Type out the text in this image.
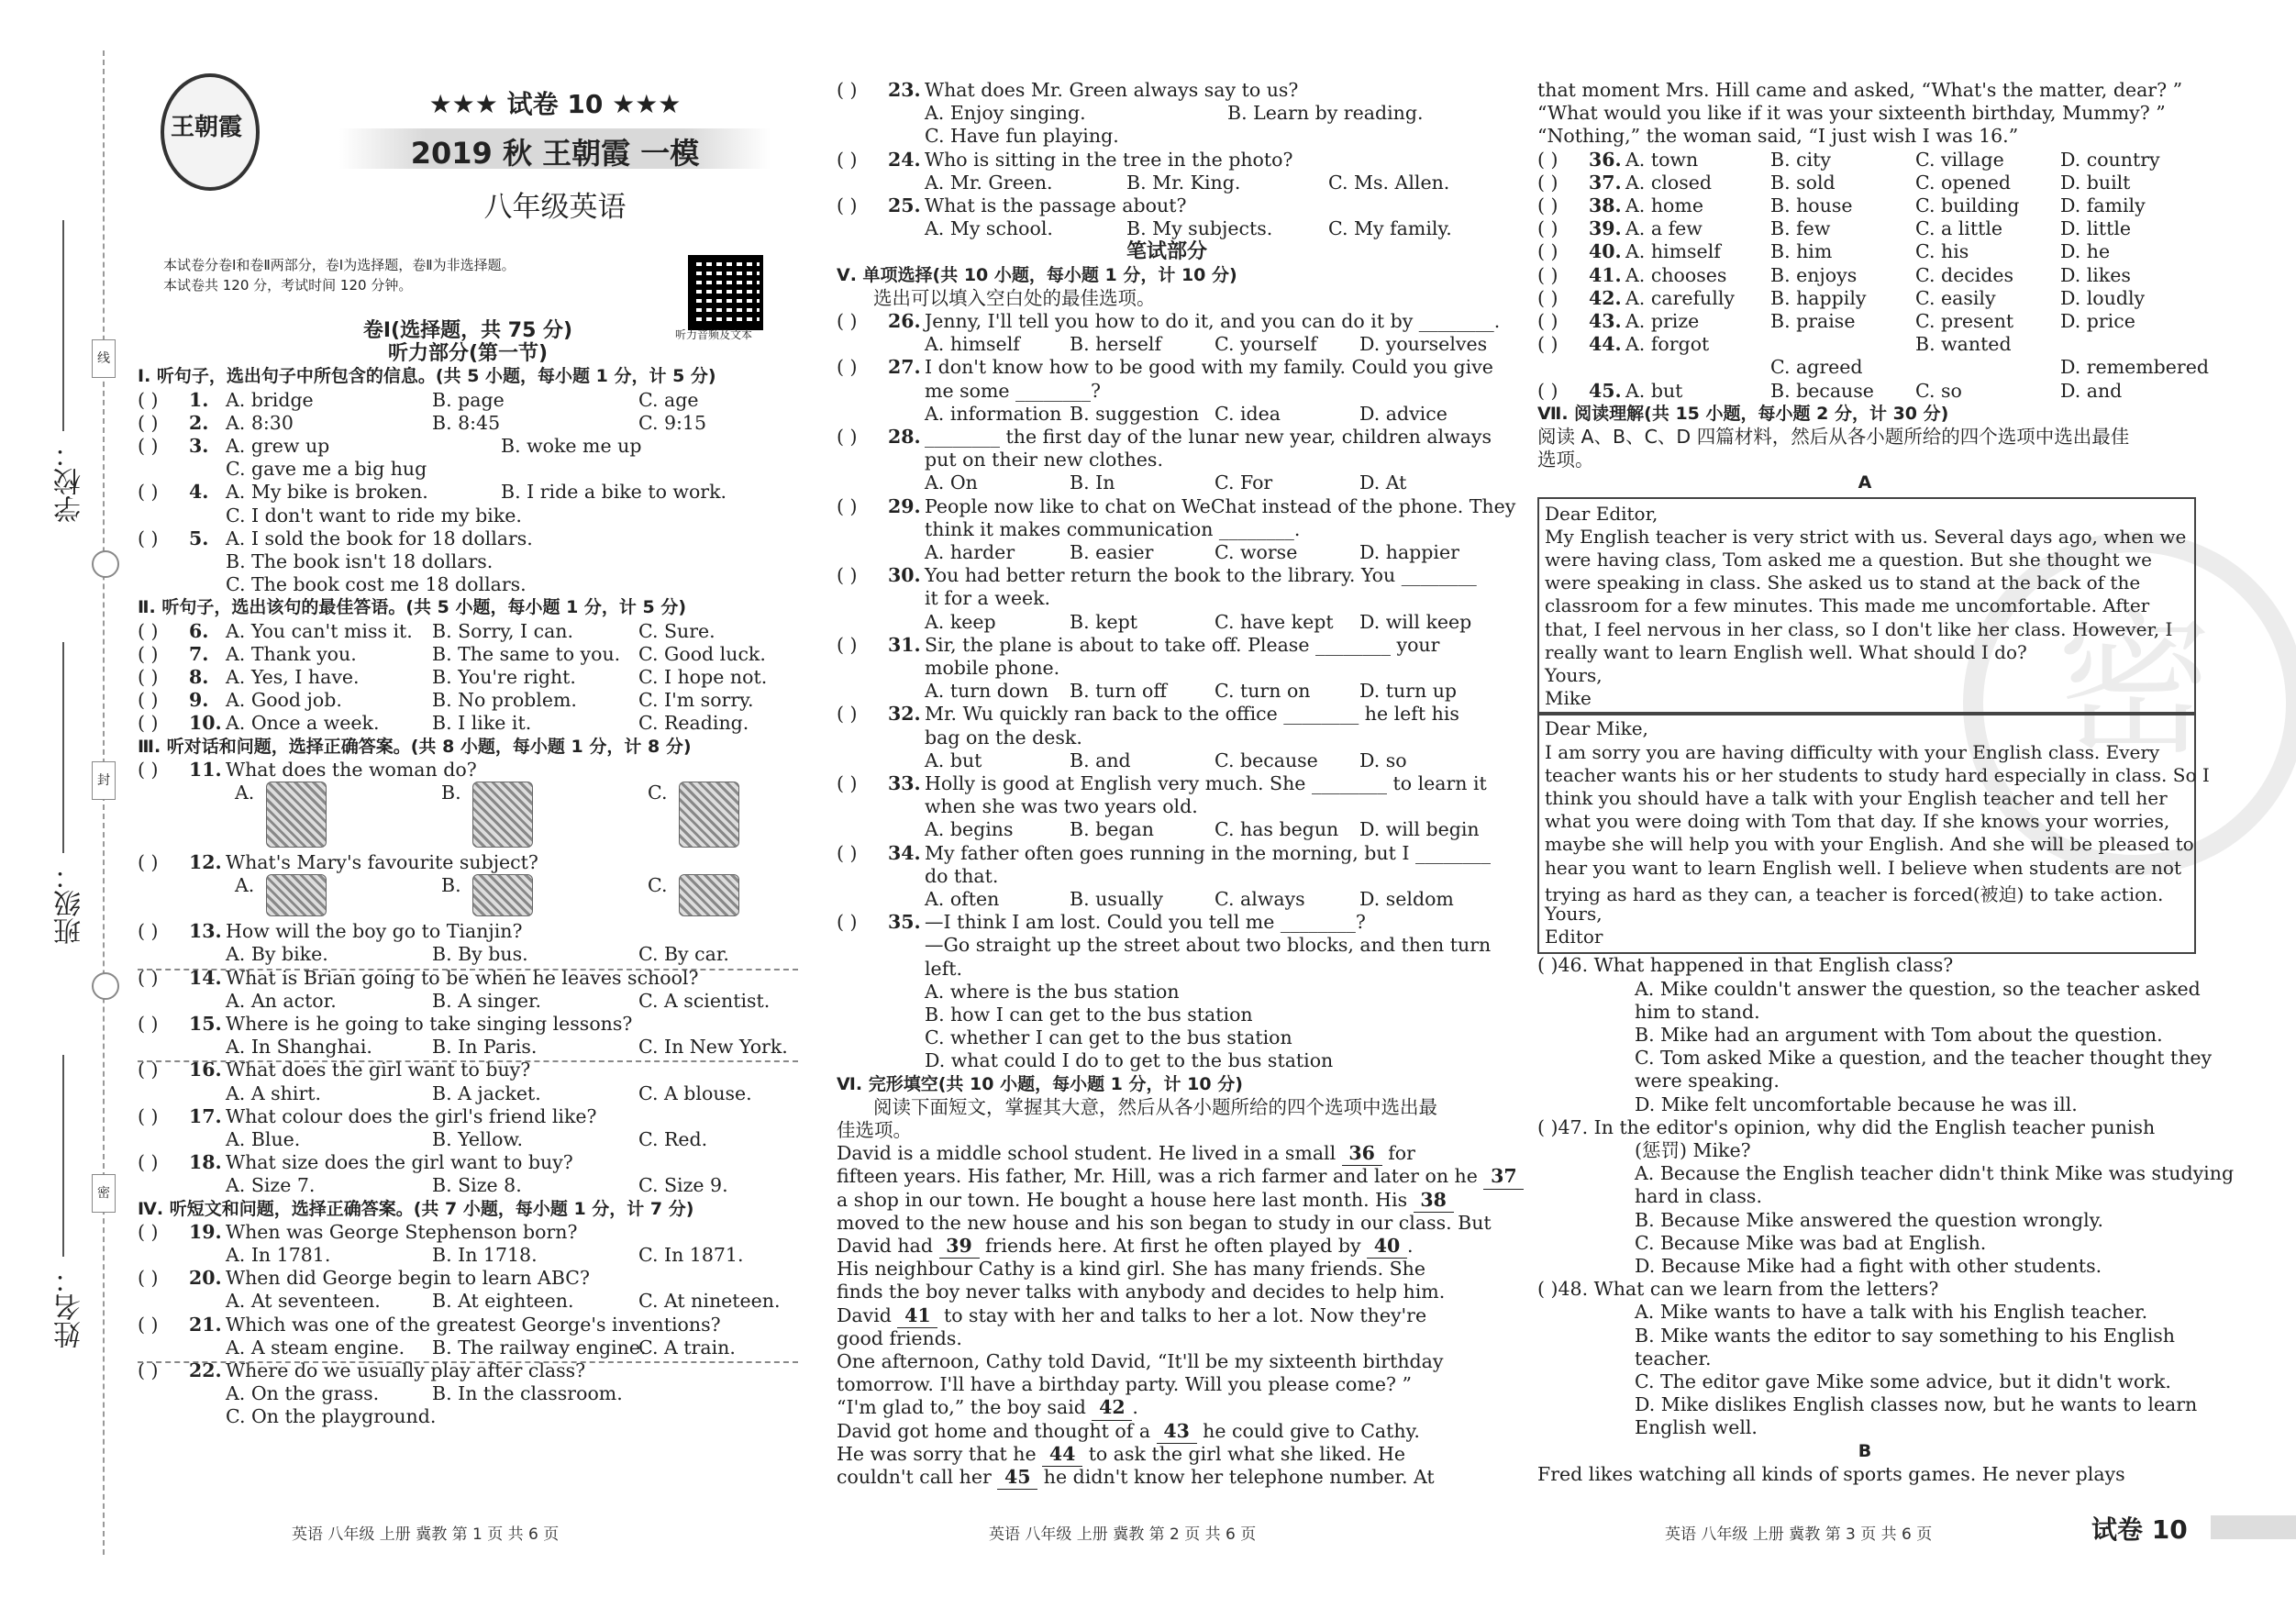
线
封
密
学校：
班级：
姓名：
王朝霞
★★★ 试卷 10 ★★★
2019 秋 王朝霞 一模
八年级英语
本试卷分卷Ⅰ和卷Ⅱ两部分，卷Ⅰ为选择题，卷Ⅱ为非选择题。
本试卷共 120 分，考试时间 120 分钟。
听力音频及文本
卷Ⅰ(选择题，共 75 分)
听力部分(第一节)
Ⅰ. 听句子，选出句子中所包含的信息。(共 5 小题，每小题 1 分，计 5 分)
( ) 1. A. bridge	B. page	C. age
( ) 2. A. 8:30	B. 8:45	C. 9:15
( ) 3. A. grew up	B. woke me up
C. gave me a big hug
( ) 4. A. My bike is broken.	B. I ride a bike to work.
C. I don't want to ride my bike.
( ) 5. A. I sold the book for 18 dollars.
B. The book isn't 18 dollars.
C. The book cost me 18 dollars.
Ⅱ. 听句子，选出该句的最佳答语。(共 5 小题，每小题 1 分，计 5 分)
( ) 6. A. You can't miss it. B. Sorry, I can.	C. Sure.
( ) 7. A. Thank you.	B. The same to you. C. Good luck.
( ) 8. A. Yes, I have.	B. You're right.	C. I hope not.
( ) 9. A. Good job.	B. No problem.	C. I'm sorry.
( ) 10. A. Once a week.	B. I like it.	C. Reading.
Ⅲ. 听对话和问题，选择正确答案。(共 8 小题，每小题 1 分，计 8 分)
( ) 11. What does the woman do?
A.	B.	C.
( ) 12. What's Mary's favourite subject?
A.	B.	C.
( ) 13. How will the boy go to Tianjin?
A. By bike.	B. By bus.	C. By car.
( ) 14. What is Brian going to be when he leaves school?
A. An actor.	B. A singer.	C. A scientist.
( ) 15. Where is he going to take singing lessons?
A. In Shanghai.	B. In Paris.	C. In New York.
( ) 16. What does the girl want to buy?
A. A shirt.	B. A jacket.	C. A blouse.
( ) 17. What colour does the girl's friend like?
A. Blue.	B. Yellow.	C. Red.
( ) 18. What size does the girl want to buy?
A. Size 7.	B. Size 8.	C. Size 9.
Ⅳ. 听短文和问题，选择正确答案。(共 7 小题，每小题 1 分，计 7 分)
( ) 19. When was George Stephenson born?
A. In 1781.	B. In 1718.	C. In 1871.
( ) 20. When did George begin to learn ABC?
A. At seventeen.	B. At eighteen.	C. At nineteen.
( ) 21. Which was one of the greatest George's inventions?
A. A steam engine. B. The railway engine.
C. A train.
( ) 22. Where do we usually play after class?
A. On the grass.	B. In the classroom.
C. On the playground.
( ) 23. What does Mr. Green always say to us?
A. Enjoy singing.	B. Learn by reading.
C. Have fun playing.
( ) 24. Who is sitting in the tree in the photo?
A. Mr. Green.	B. Mr. King.	C. Ms. Allen.
( ) 25. What is the passage about?
A. My school.	B. My subjects.	C. My family.
笔试部分
Ⅴ. 单项选择(共 10 小题，每小题 1 分，计 10 分)
选出可以填入空白处的最佳选项。
( ) 26. Jenny, I'll tell you how to do it, and you can do it by ________.
A. himself	B. herself	C. yourself D. yourselves
( ) 27. I don't know how to be good with my family. Could you give
me some ________?
A. information B. suggestion C. idea	D. advice
( ) 28. ________ the first day of the lunar new year, children always
put on their new clothes.
A. On	B. In	C. For	D. At
( ) 29. People now like to chat on WeChat instead of the phone. They
think it makes communication ________.
A. harder	B. easier	C. worse	D. happier
( ) 30. You had better return the book to the library. You ________
it for a week.
A. keep	B. kept	C. have kept D. will keep
( ) 31. Sir, the plane is about to take off. Please ________ your
mobile phone.
A. turn down B. turn off	C. turn on	D. turn up
( ) 32. Mr. Wu quickly ran back to the office ________ he left his
bag on the desk.
A. but	B. and	C. because D. so
( ) 33. Holly is good at English very much. She ________ to learn it
when she was two years old.
A. begins	B. began	C. has begun D. will begin
( ) 34. My father often goes running in the morning, but I ________
do that.
A. often	B. usually	C. always	D. seldom
( ) 35. —I think I am lost. Could you tell me ________?
—Go straight up the street about two blocks, and then turn
left.
A. where is the bus station
B. how I can get to the bus station
C. whether I can get to the bus station
D. what could I do to get to the bus station
Ⅵ. 完形填空(共 10 小题，每小题 1 分，计 10 分)
阅读下面短文，掌握其大意，然后从各小题所给的四个选项中选出最
佳选项。
David is a middle school student. He lived in a small 36 for
fifteen years. His father, Mr. Hill, was a rich farmer and later on he 37
a shop in our town. He bought a house here last month. His 38
moved to the new house and his son began to study in our class. But
David had 39 friends here. At first he often played by 40 .
His neighbour Cathy is a kind girl. She has many friends. She
finds the boy never talks with anybody and decides to help him.
David 41 to stay with her and talks to her a lot. Now they're
good friends.
One afternoon, Cathy told David, “It'll be my sixteenth birthday
tomorrow. I'll have a birthday party. Will you please come? ”
“I'm glad to,” the boy said 42 .
David got home and thought of a 43 he could give to Cathy.
He was sorry that he 44 to ask the girl what she liked. He
couldn't call her 45 he didn't know her telephone number. At
that moment Mrs. Hill came and asked, “What's the matter, dear? ”
“What would you like if it was your sixteenth birthday, Mummy? ”
“Nothing,” the woman said, “I just wish I was 16.”
( ) 36. A. town	B. city	C. village	D. country
( ) 37. A. closed	B. sold	C. opened	D. built
( ) 38. A. home	B. house	C. building D. family
( ) 39. A. a few	B. few	C. a little	D. little
( ) 40. A. himself	B. him	C. his	D. he
( ) 41. A. chooses B. enjoys	C. decides D. likes
( ) 42. A. carefully B. happily	C. easily	D. loudly
( ) 43. A. prize	B. praise	C. present D. price
( ) 44. A. forgot	B. wanted
C. agreed	D. remembered
( ) 45. A. but	B. because C. so	D. and
Ⅶ. 阅读理解(共 15 小题，每小题 2 分，计 30 分)
阅读 A、B、C、D 四篇材料，然后从各小题所给的四个选项中选出最佳
选项。
A
( )46. What happened in that English class?
A. Mike couldn't answer the question, so the teacher asked
him to stand.
B. Mike had an argument with Tom about the question.
C. Tom asked Mike a question, and the teacher thought they
were speaking.
D. Mike felt uncomfortable because he was ill.
( )47. In the editor's opinion, why did the English teacher punish
(惩罚) Mike?
A. Because the English teacher didn't think Mike was studying
hard in class.
B. Because Mike answered the question wrongly.
C. Because Mike was bad at English.
D. Because Mike had a fight with other students.
( )48. What can we learn from the letters?
A. Mike wants to have a talk with his English teacher.
B. Mike wants the editor to say something to his English
teacher.
C. The editor gave Mike some advice, but it didn't work.
D. Mike dislikes English classes now, but he wants to learn
English well.
B
Fred likes watching all kinds of sports games. He never plays
密
英语 八年级 上册 冀教 第 1 页 共 6 页	英语 八年级 上册 冀教 第 2 页 共 6 页	英语 八年级 上册 冀教 第 3 页 共 6 页	试卷 10
Dear Editor,
My English teacher is very strict with us. Several days ago, when we
were having class, Tom asked me a question. But she thought we
were speaking in class. She asked us to stand at the back of the
classroom for a few minutes. This made me uncomfortable. After
that, I feel nervous in her class, so I don't like her class. However, I
really want to learn English well. What should I do?
Yours,
Mike
Dear Mike,
I am sorry you are having difficulty with your English class. Every
teacher wants his or her students to study hard especially in class. So I
think you should have a talk with your English teacher and tell her
what you were doing with Tom that day. If she knows your worries,
maybe she will help you with your English. And she will be pleased to
hear you want to learn English well. I believe when students are not
trying as hard as they can, a teacher is forced(被迫) to take action.
Yours,
Editor
